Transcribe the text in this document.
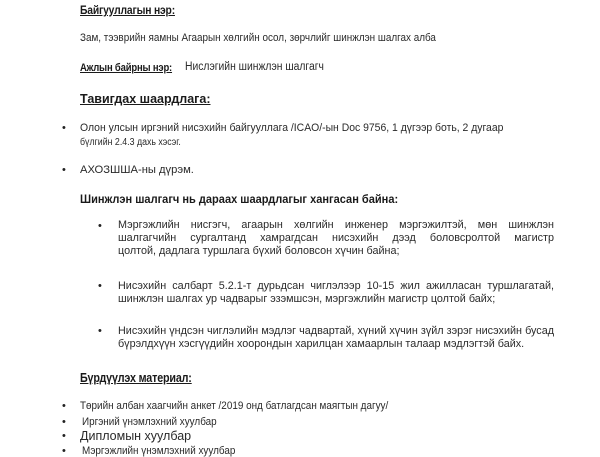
Байгууллагын нэр:
Зам, тээврийн яамны Агаарын хөлгийн осол, зөрчлийг шинжлэн шалгах алба
Ажлын байрны нэр: Нислэгийн шинжлэн шалгагч
Тавигдах шаардлага:
• Олон улсын иргэний нисэхийн байгууллага /ICAO/-ын Doc 9756, 1 дүгээр боть, 2 дугаар
бүлгийн 2.4.3 дахь хэсэг.
• АХОЗШША-ны дүрэм.
Шинжлэн шалгагч нь дараах шаардлагыг хангасан байна:
• Мэргэжлийн нисгэгч, агаарын хөлгийн инженер мэргэжилтэй, мөн шинжлэн
шалгагчийн сургалтанд хамрагдсан нисэхийн дээд боловсролтой магистр
цолтой, дадлага туршлага бүхий боловсон хүчин байна;
• Нисэхийн салбарт 5.2.1-т дурьдсан чиглэлээр 10-15 жил ажилласан туршлагатай,
шинжлэн шалгах ур чадварыг эзэмшсэн, мэргэжлийн магистр цолтой байх;
• Нисэхийн үндсэн чиглэлийн мэдлэг чадвартай, хүний хүчин зүйл зэрэг нисэхийн бусад
бүрэлдхүүн хэсгүүдийн хоорондын харилцан хамаарлын талаар мэдлэгтэй байх.
Бүрдүүлэх материал:
• Төрийн албан хаагчийн анкет /2019 онд батлагдсан маягтын дагуу/
• Иргэний үнэмлэхний хуулбар
• Дипломын хуулбар
• Мэргэжлийн үнэмлэхний хуулбар
